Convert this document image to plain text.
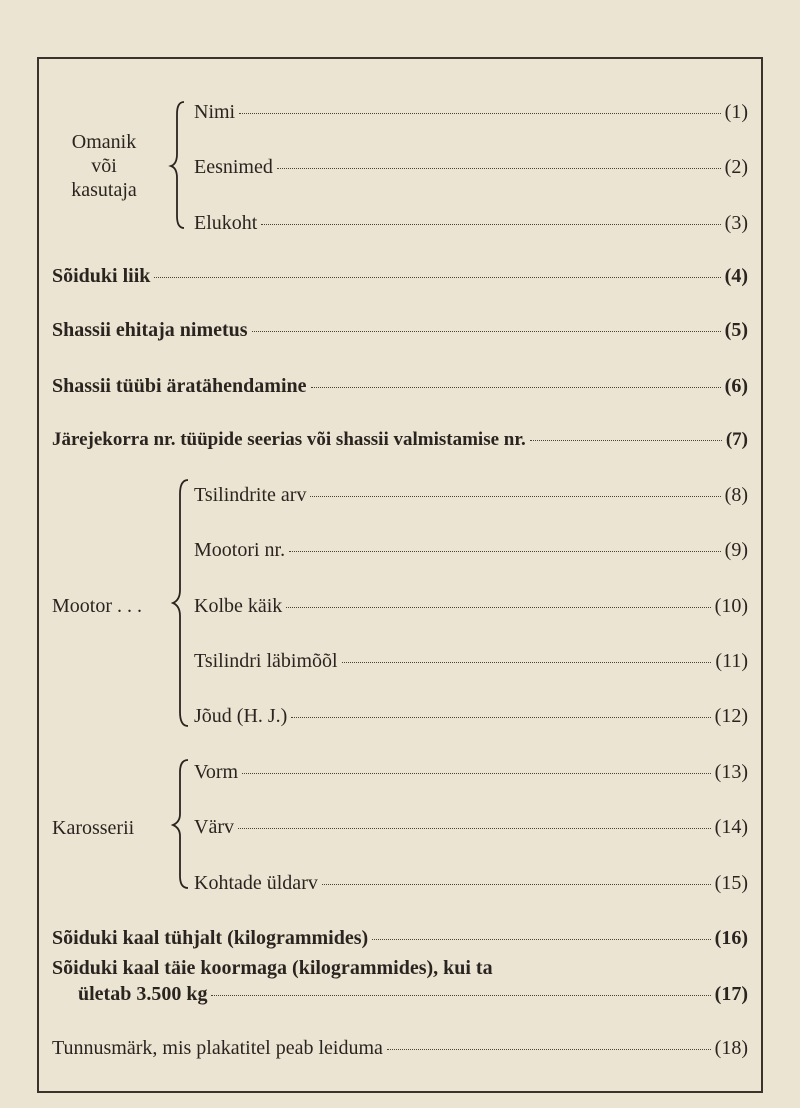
Omanik
või
kasutaja
Nimi	(1)
Eesnimed	(2)
Elukoht	(3)
Sõiduki liik	(4)
Shassii ehitaja nimetus	(5)
Shassii tüübi äratähendamine	(6)
Järejekorra nr. tüüpide seerias või shassii valmistamise nr.	(7)
Mootor . . .
Tsilindrite arv	(8)
Mootori nr.	(9)
Kolbe käik	(10)
Tsilindri läbimõõl	(11)
Jõud (H. J.)	(12)
Karosserii
Vorm	(13)
Värv	(14)
Kohtade üldarv	(15)
Sõiduki kaal tühjalt (kilogrammides)	(16)
Sõiduki kaal täie koormaga (kilogrammides), kui ta
ületab 3.500 kg	(17)
Tunnusmärk, mis plakatitel peab leiduma	(18)
